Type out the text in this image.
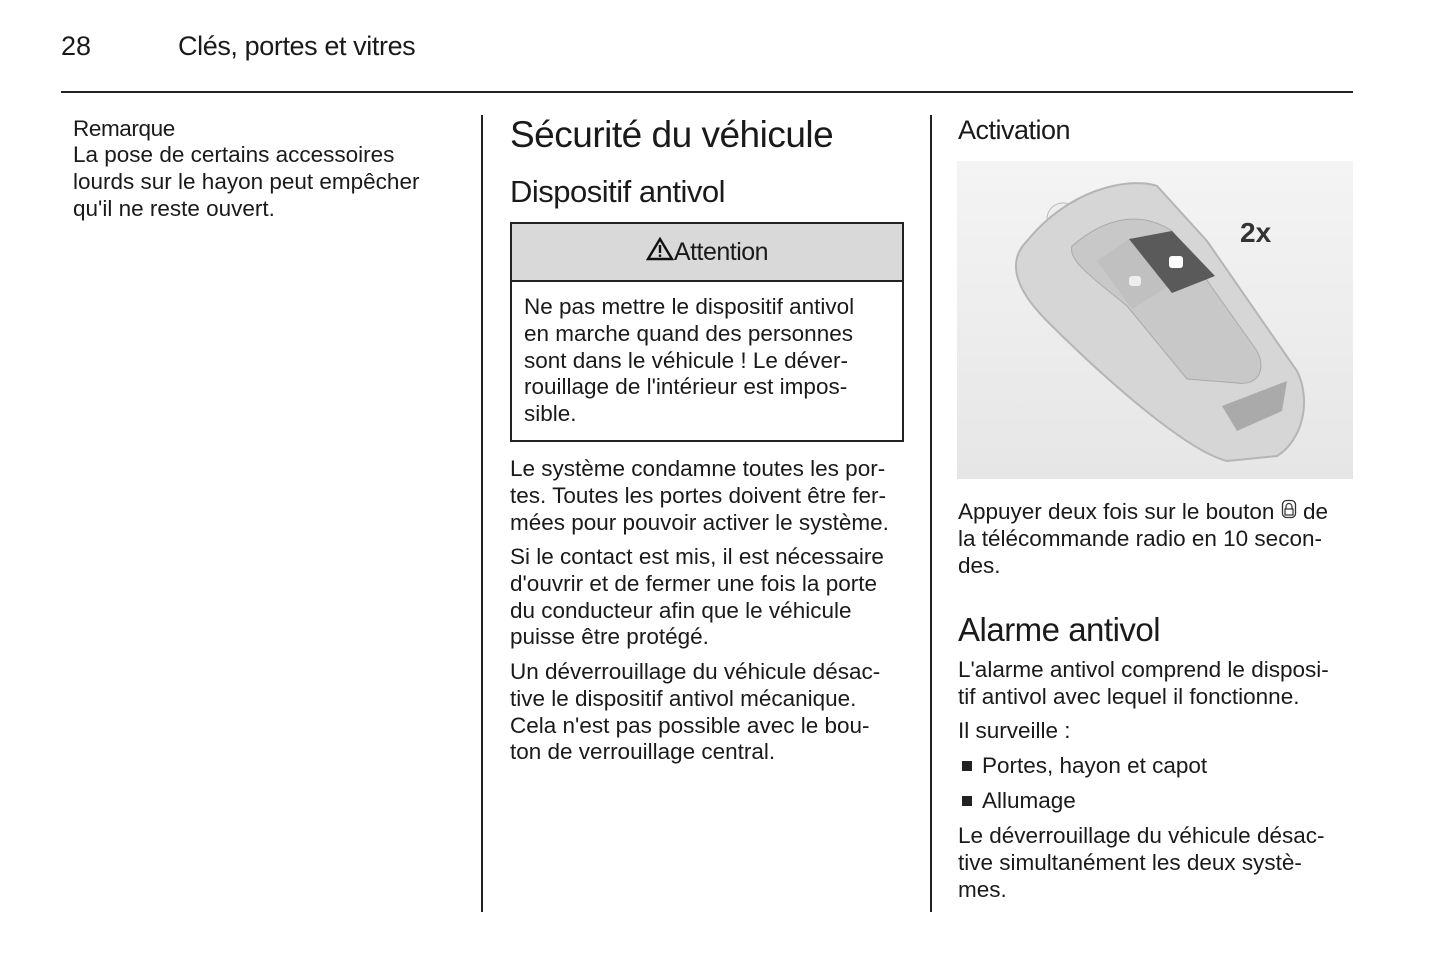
28	Clés, portes et vitres
Remarque

La pose de certains accessoires
lourds sur le hayon peut empêcher
qu'il ne reste ouvert.

Sécurité du véhicule
Dispositif antivol
Attention

Ne pas mettre le dispositif antivol
en marche quand des personnes
sont dans le véhicule ! Le déver-
rouillage de l'intérieur est impos-
sible.

Le système condamne toutes les por-
tes. Toutes les portes doivent être fer-
mées pour pouvoir activer le système.

Si le contact est mis, il est nécessaire
d'ouvrir et de fermer une fois la porte
du conducteur afin que le véhicule
puisse être protégé.

Un déverrouillage du véhicule désac-
tive le dispositif antivol mécanique.
Cela n'est pas possible avec le bou-
ton de verrouillage central.

Activation
2x

Appuyer deux fois sur le bouton  de
la télécommande radio en 10 secon-
des.

Alarme antivol

L'alarme antivol comprend le disposi-
tif antivol avec lequel il fonctionne.

Il surveille :

Portes, hayon et capot
Allumage

Le déverrouillage du véhicule désac-
tive simultanément les deux systè-
mes.
